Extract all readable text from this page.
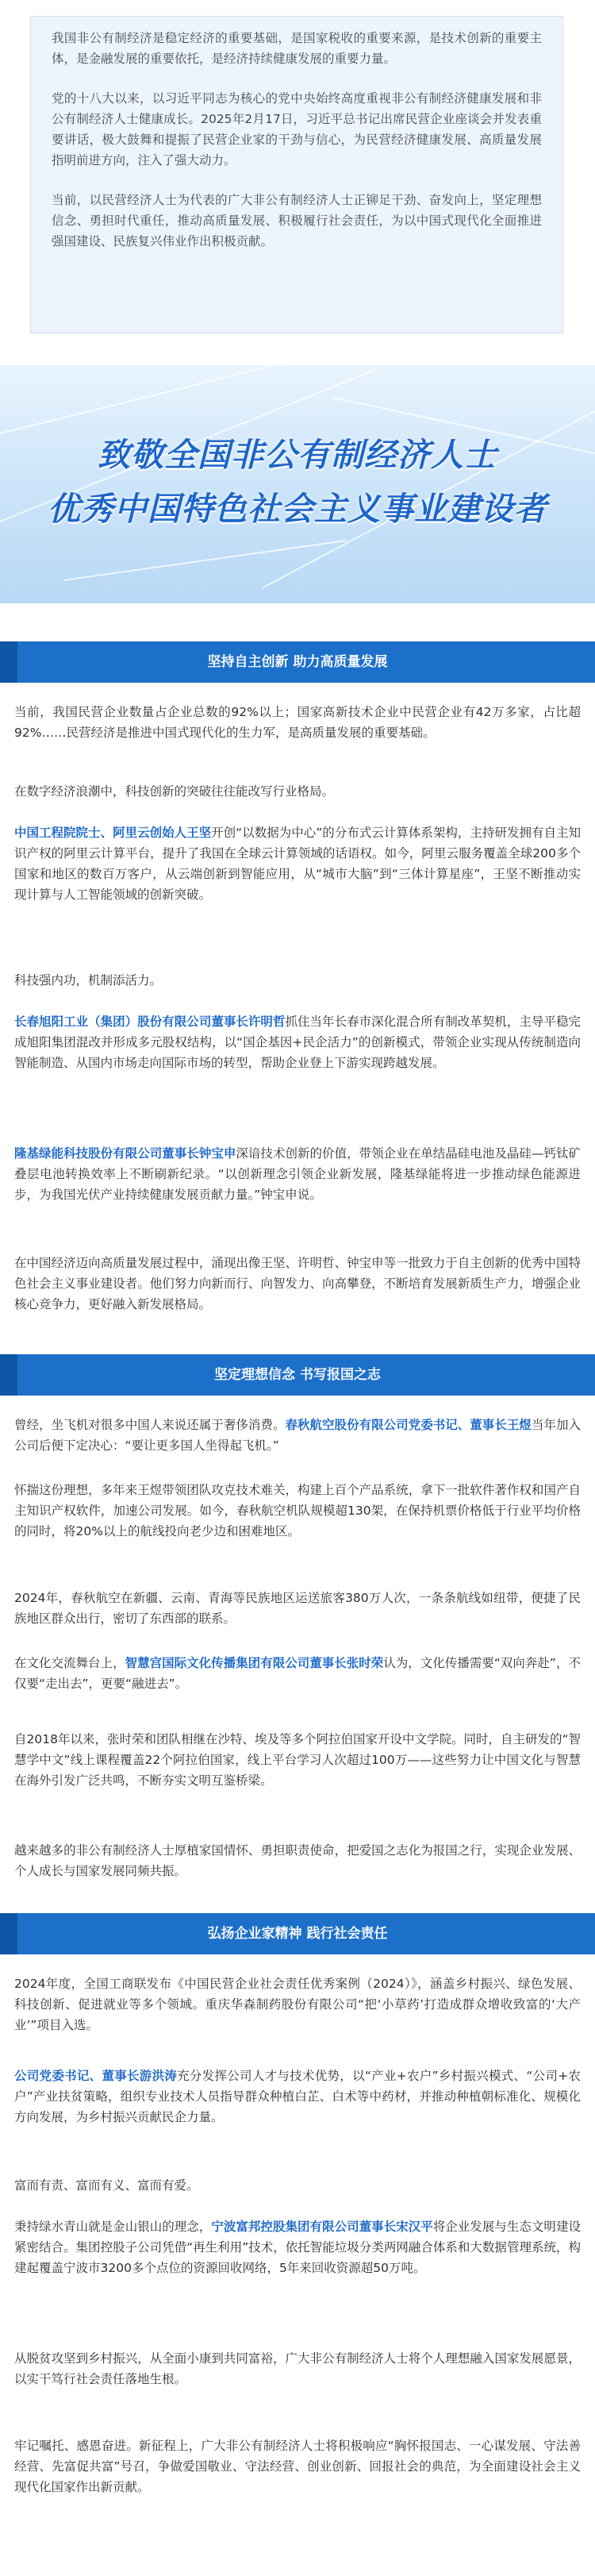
我国非公有制经济是稳定经济的重要基础，是国家税收的重要来源，是技术创新的重要主体，是金融发展的重要依托，是经济持续健康发展的重要力量。

党的十八大以来，以习近平同志为核心的党中央始终高度重视非公有制经济健康发展和非公有制经济人士健康成长。2025年2月17日，习近平总书记出席民营企业座谈会并发表重要讲话，极大鼓舞和提振了民营企业家的干劲与信心，为民营经济健康发展、高质量发展指明前进方向，注入了强大动力。

当前，以民营经济人士为代表的广大非公有制经济人士正铆足干劲、奋发向上，坚定理想信念、勇担时代重任，推动高质量发展、积极履行社会责任，为以中国式现代化全面推进强国建设、民族复兴伟业作出积极贡献。

致敬全国非公有制经济人士
优秀中国特色社会主义事业建设者
坚持自主创新 助力高质量发展

当前，我国民营企业数量占企业总数的92%以上；国家高新技术企业中民营企业有42万多家，占比超92%……民营经济是推进中国式现代化的生力军，是高质量发展的重要基础。

在数字经济浪潮中，科技创新的突破往往能改写行业格局。

中国工程院院士、阿里云创始人王坚开创“以数据为中心”的分布式云计算体系架构，主持研发拥有自主知识产权的阿里云计算平台，提升了我国在全球云计算领域的话语权。如今，阿里云服务覆盖全球200多个国家和地区的数百万客户，从云端创新到智能应用，从“城市大脑”到“三体计算星座”，王坚不断推动实现计算与人工智能领域的创新突破。

科技强内功，机制添活力。

长春旭阳工业（集团）股份有限公司董事长许明哲抓住当年长春市深化混合所有制改革契机，主导平稳完成旭阳集团混改并形成多元股权结构，以“国企基因+民企活力”的创新模式，带领企业实现从传统制造向智能制造、从国内市场走向国际市场的转型，帮助企业登上下游实现跨越发展。

隆基绿能科技股份有限公司董事长钟宝申深谙技术创新的价值，带领企业在单结晶硅电池及晶硅—钙钛矿叠层电池转换效率上不断刷新纪录。“以创新理念引领企业新发展，隆基绿能将进一步推动绿色能源进步，为我国光伏产业持续健康发展贡献力量。”钟宝申说。

在中国经济迈向高质量发展过程中，涌现出像王坚、许明哲、钟宝申等一批致力于自主创新的优秀中国特色社会主义事业建设者。他们努力向新而行、向智发力、向高攀登，不断培育发展新质生产力，增强企业核心竞争力，更好融入新发展格局。

坚定理想信念 书写报国之志

曾经，坐飞机对很多中国人来说还属于奢侈消费。春秋航空股份有限公司党委书记、董事长王煜当年加入公司后便下定决心：“要让更多国人坐得起飞机。”

怀揣这份理想，多年来王煜带领团队攻克技术难关，构建上百个产品系统，拿下一批软件著作权和国产自主知识产权软件，加速公司发展。如今，春秋航空机队规模超130架，在保持机票价格低于行业平均价格的同时，将20%以上的航线投向老少边和困难地区。

2024年，春秋航空在新疆、云南、青海等民族地区运送旅客380万人次，一条条航线如纽带，便捷了民族地区群众出行，密切了东西部的联系。

在文化交流舞台上，智慧宫国际文化传播集团有限公司董事长张时荣认为，文化传播需要“双向奔赴”，不仅要“走出去”，更要“融进去”。

自2018年以来，张时荣和团队相继在沙特、埃及等多个阿拉伯国家开设中文学院。同时，自主研发的“智慧学中文”线上课程覆盖22个阿拉伯国家，线上平台学习人次超过100万——这些努力让中国文化与智慧在海外引发广泛共鸣，不断夯实文明互鉴桥梁。

越来越多的非公有制经济人士厚植家国情怀、勇担职责使命，把爱国之志化为报国之行，实现企业发展、个人成长与国家发展同频共振。

弘扬企业家精神 践行社会责任

2024年度，全国工商联发布《中国民营企业社会责任优秀案例（2024）》，涵盖乡村振兴、绿色发展、科技创新、促进就业等多个领域。重庆华森制药股份有限公司“把‘小草药’打造成群众增收致富的‘大产业’”项目入选。

公司党委书记、董事长游洪涛充分发挥公司人才与技术优势，以“产业+农户”乡村振兴模式、“公司+农户”产业扶贫策略，组织专业技术人员指导群众种植白芷、白术等中药材，并推动种植朝标准化、规模化方向发展，为乡村振兴贡献民企力量。

富而有责、富而有义、富而有爱。

秉持绿水青山就是金山银山的理念，宁波富邦控股集团有限公司董事长宋汉平将企业发展与生态文明建设紧密结合。集团控股子公司凭借“再生利用”技术，依托智能垃圾分类两网融合体系和大数据管理系统，构建起覆盖宁波市3200多个点位的资源回收网络，5年来回收资源超50万吨。

从脱贫攻坚到乡村振兴，从全面小康到共同富裕，广大非公有制经济人士将个人理想融入国家发展愿景，以实干笃行社会责任落地生根。

牢记嘱托、感恩奋进。新征程上，广大非公有制经济人士将积极响应“胸怀报国志、一心谋发展、守法善经营、先富促共富”号召，争做爱国敬业、守法经营、创业创新、回报社会的典范，为全面建设社会主义现代化国家作出新贡献。
